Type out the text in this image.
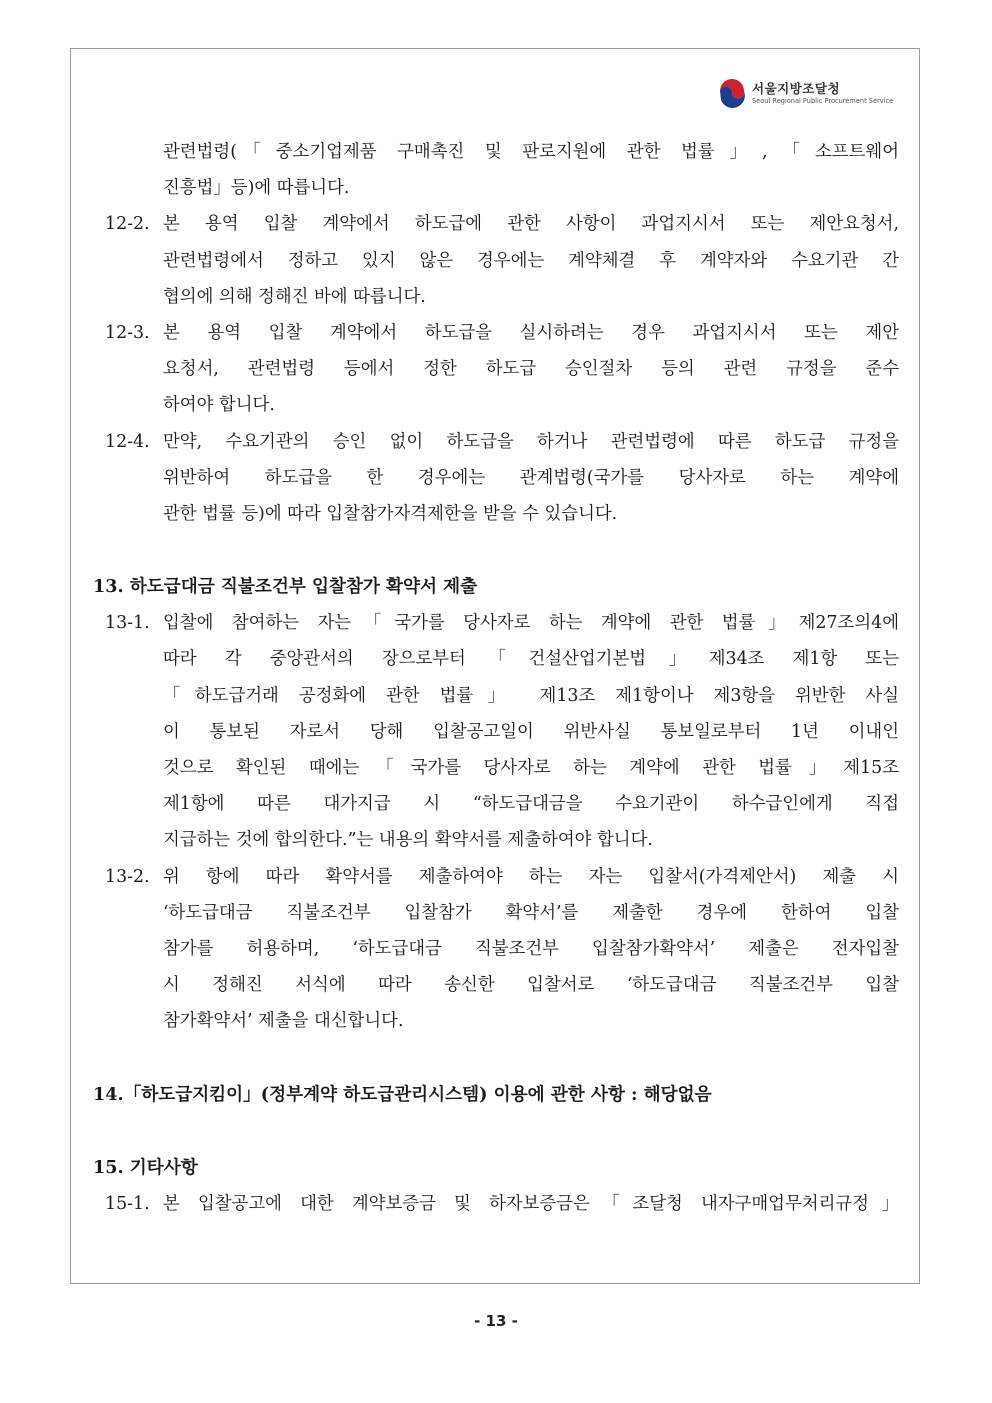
서울지방조달청
Seoul Regional Public Procurement Service
관련법령(「중소기업제품 구매촉진 및 판로지원에 관한 법률」,「소프트웨어
진흥법」등)에 따릅니다.
12-2. 본 용역 입찰 계약에서 하도급에 관한 사항이 과업지시서 또는 제안요청서,
관련법령에서 정하고 있지 않은 경우에는 계약체결 후 계약자와 수요기관 간
협의에 의해 정해진 바에 따릅니다.
12-3. 본 용역 입찰 계약에서 하도급을 실시하려는 경우 과업지시서 또는 제안
요청서, 관련법령 등에서 정한 하도급 승인절차 등의 관련 규정을 준수
하여야 합니다.
12-4. 만약, 수요기관의 승인 없이 하도급을 하거나 관련법령에 따른 하도급 규정을
위반하여 하도급을 한 경우에는 관계법령(국가를 당사자로 하는 계약에
관한 법률 등)에 따라 입찰참가자격제한을 받을 수 있습니다.
13. 하도급대금 직불조건부 입찰참가 확약서 제출
13-1. 입찰에 참여하는 자는「국가를 당사자로 하는 계약에 관한 법률」제27조의4에
따라 각 중앙관서의 장으로부터「건설산업기본법」제34조 제1항 또는
「하도급거래 공정화에 관한 법률」 제13조 제1항이나 제3항을 위반한 사실
이 통보된 자로서 당해 입찰공고일이 위반사실 통보일로부터 1년 이내인
것으로 확인된 때에는「국가를 당사자로 하는 계약에 관한 법률」제15조
제1항에 따른 대가지급 시 “하도급대금을 수요기관이 하수급인에게 직접
지급하는 것에 합의한다.”는 내용의 확약서를 제출하여야 합니다.
13-2. 위 항에 따라 확약서를 제출하여야 하는 자는 입찰서(가격제안서) 제출 시
‘하도급대금 직불조건부 입찰참가 확약서’를 제출한 경우에 한하여 입찰
참가를 허용하며, ‘하도급대금 직불조건부 입찰참가확약서’ 제출은 전자입찰
시 정해진 서식에 따라 송신한 입찰서로 ‘하도급대금 직불조건부 입찰
참가확약서’ 제출을 대신합니다.
14.「하도급지킴이」(정부계약 하도급관리시스템) 이용에 관한 사항 : 해당없음
15. 기타사항
15-1. 본 입찰공고에 대한 계약보증금 및 하자보증금은「조달청 내자구매업무처리규정」
- 13 -
